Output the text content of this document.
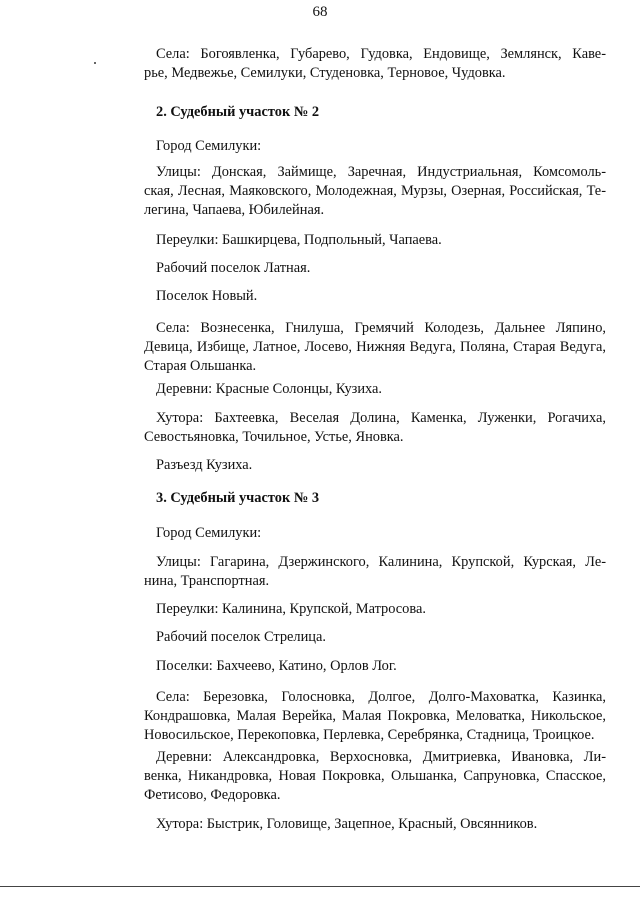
68
Села: Богоявленка, Губарево, Гудовка, Ендовище, Землянск, Каве-
рье, Медвежье, Семилуки, Студеновка, Терновое, Чудовка.
2. Судебный участок № 2
Город Семилуки:
Улицы: Донская, Займище, Заречная, Индустриальная, Комсомоль-
ская, Лесная, Маяковского, Молодежная, Мурзы, Озерная, Российская, Те-
легина, Чапаева, Юбилейная.
Переулки: Башкирцева, Подпольный, Чапаева.
Рабочий поселок Латная.
Поселок Новый.
Села: Вознесенка, Гнилуша, Гремячий Колодезь, Дальнее Ляпино,
Девица, Избище, Латное, Лосево, Нижняя Ведуга, Поляна, Старая Ведуга,
Старая Ольшанка.
Деревни: Красные Солонцы, Кузиха.
Хутора: Бахтеевка, Веселая Долина, Каменка, Луженки, Рогачиха,
Севостьяновка, Точильное, Устье, Яновка.
Разъезд Кузиха.
3. Судебный участок № 3
Город Семилуки:
Улицы: Гагарина, Дзержинского, Калинина, Крупской, Курская, Ле-
нина, Транспортная.
Переулки: Калинина, Крупской, Матросова.
Рабочий поселок Стрелица.
Поселки: Бахчеево, Катино, Орлов Лог.
Села: Березовка, Голосновка, Долгое, Долго-Маховатка, Казинка,
Кондрашовка, Малая Верейка, Малая Покровка, Меловатка, Никольское,
Новосильское, Перекоповка, Перлевка, Серебрянка, Стадница, Троицкое.
Деревни: Александровка, Верхосновка, Дмитриевка, Ивановка, Ли-
венка, Никандровка, Новая Покровка, Ольшанка, Сапруновка, Спасское,
Фетисово, Федоровка.
Хутора: Быстрик, Головище, Зацепное, Красный, Овсянников.
